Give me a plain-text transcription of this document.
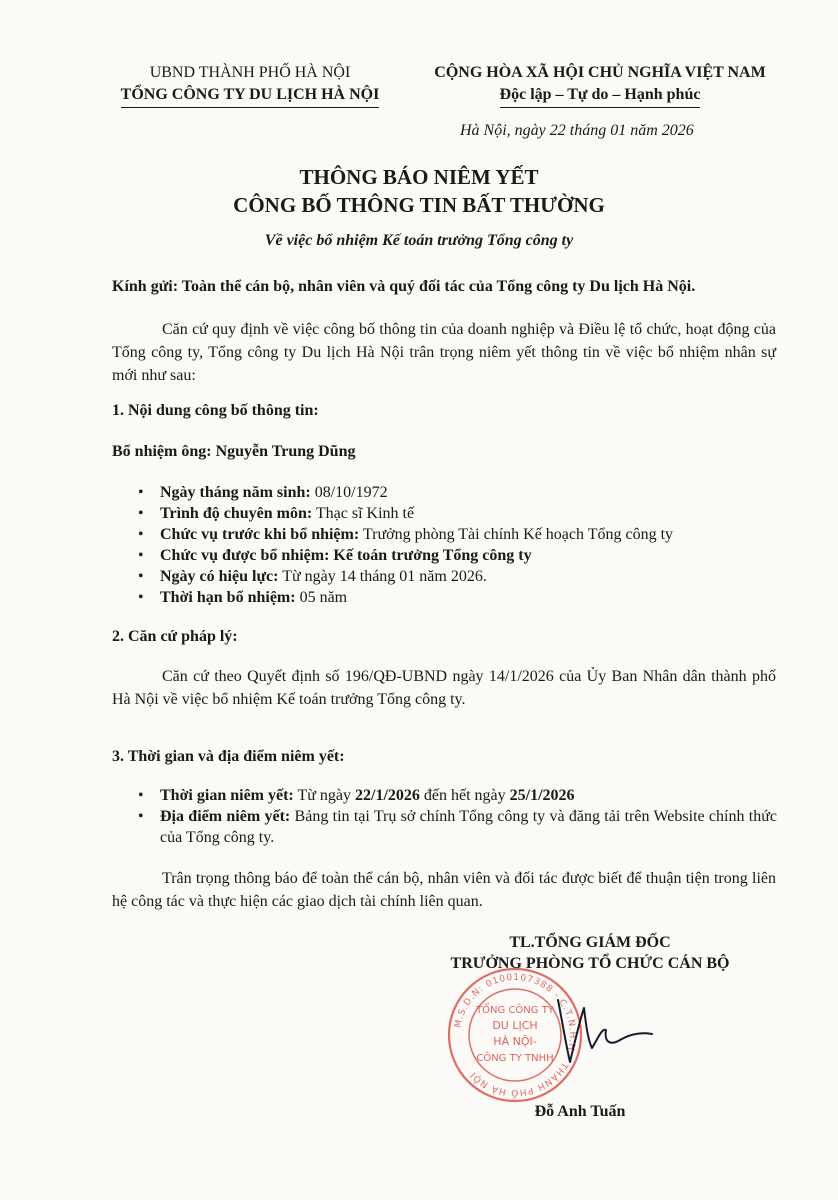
UBND THÀNH PHỐ HÀ NỘI
TỔNG CÔNG TY DU LỊCH HÀ NỘI
CỘNG HÒA XÃ HỘI CHỦ NGHĨA VIỆT NAM
Độc lập – Tự do – Hạnh phúc
Hà Nội, ngày 22 tháng 01 năm 2026
THÔNG BÁO NIÊM YẾT
CÔNG BỐ THÔNG TIN BẤT THƯỜNG
Về việc bổ nhiệm Kế toán trưởng Tổng công ty
Kính gửi: Toàn thể cán bộ, nhân viên và quý đối tác của Tổng công ty Du lịch Hà Nội.
Căn cứ quy định về việc công bố thông tin của doanh nghiệp và Điều lệ tổ chức, hoạt động của Tổng công ty, Tổng công ty Du lịch Hà Nội trân trọng niêm yết thông tin về việc bổ nhiệm nhân sự mới như sau:
1. Nội dung công bố thông tin:
Bổ nhiệm ông: Nguyễn Trung Dũng
• Ngày tháng năm sinh: 08/10/1972
• Trình độ chuyên môn: Thạc sĩ Kinh tế
• Chức vụ trước khi bổ nhiệm: Trưởng phòng Tài chính Kế hoạch Tổng công ty
• Chức vụ được bổ nhiệm: Kế toán trưởng Tổng công ty
• Ngày có hiệu lực: Từ ngày 14 tháng 01 năm 2026.
• Thời hạn bổ nhiệm: 05 năm
2. Căn cứ pháp lý:
Căn cứ theo Quyết định số 196/QĐ-UBND ngày 14/1/2026 của Ủy Ban Nhân dân thành phố Hà Nội về việc bổ nhiệm Kế toán trưởng Tổng công ty.
3. Thời gian và địa điểm niêm yết:
• Thời gian niêm yết: Từ ngày 22/1/2026 đến hết ngày 25/1/2026
• Địa điểm niêm yết: Bảng tin tại Trụ sở chính Tổng công ty và đăng tải trên Website chính thức của Tổng công ty.
Trân trọng thông báo để toàn thể cán bộ, nhân viên và đối tác được biết để thuận tiện trong liên hệ công tác và thực hiện các giao dịch tài chính liên quan.
TL.TỔNG GIÁM ĐỐC
TRƯỞNG PHÒNG TỔ CHỨC CÁN BỘ
M.S.D.N: 0100107388 - C.T.N.H.H - THÀNH PHỐ HÀ NỘI
TỔNG CÔNG TY
DU LỊCH
HÀ NỘI-
CÔNG TY TNHH
Đỗ Anh Tuấn
